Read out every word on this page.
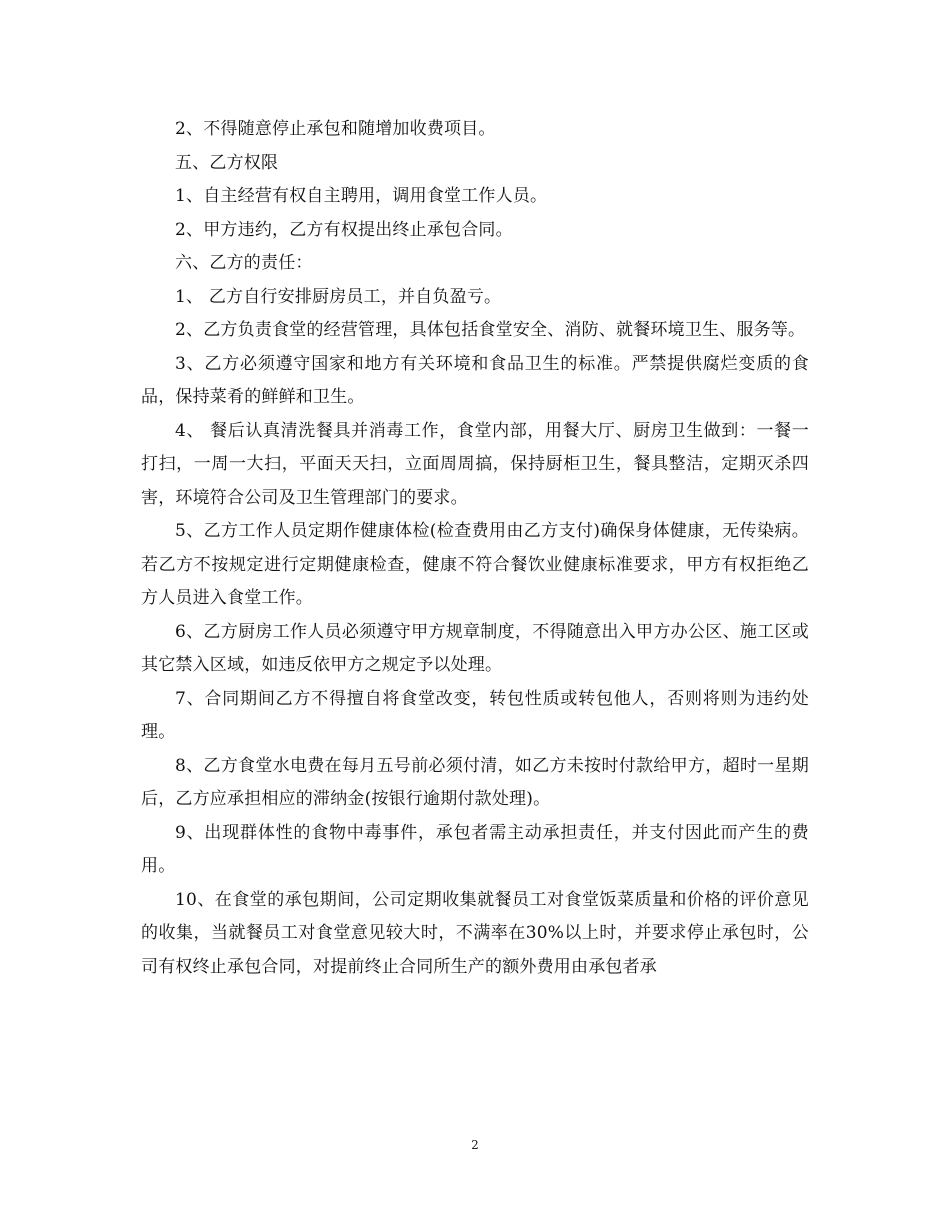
2、不得随意停止承包和随增加收费项目。

五、乙方权限

1、自主经营有权自主聘用，调用食堂工作人员。

2、甲方违约，乙方有权提出终止承包合同。

六、乙方的责任：

1、 乙方自行安排厨房员工，并自负盈亏。

2、乙方负责食堂的经营管理，具体包括食堂安全、消防、就餐环境卫生、服务等。

3、乙方必须遵守国家和地方有关环境和食品卫生的标准。严禁提供腐烂变质的食品，保持菜肴的鲜鲜和卫生。

4、 餐后认真清洗餐具并消毒工作，食堂内部，用餐大厅、厨房卫生做到：一餐一打扫，一周一大扫，平面天天扫，立面周周搞，保持厨柜卫生，餐具整洁，定期灭杀四害，环境符合公司及卫生管理部门的要求。

5、乙方工作人员定期作健康体检(检查费用由乙方支付)确保身体健康，无传染病。若乙方不按规定进行定期健康检查，健康不符合餐饮业健康标准要求，甲方有权拒绝乙方人员进入食堂工作。

6、乙方厨房工作人员必须遵守甲方规章制度，不得随意出入甲方办公区、施工区或其它禁入区域，如违反依甲方之规定予以处理。

7、合同期间乙方不得擅自将食堂改变，转包性质或转包他人，否则将则为违约处理。

8、乙方食堂水电费在每月五号前必须付清，如乙方未按时付款给甲方，超时一星期后，乙方应承担相应的滞纳金(按银行逾期付款处理)。

9、出现群体性的食物中毒事件，承包者需主动承担责任，并支付因此而产生的费用。

10、在食堂的承包期间，公司定期收集就餐员工对食堂饭菜质量和价格的评价意见的收集，当就餐员工对食堂意见较大时，不满率在30%以上时，并要求停止承包时，公司有权终止承包合同，对提前终止合同所生产的额外费用由承包者承

2
